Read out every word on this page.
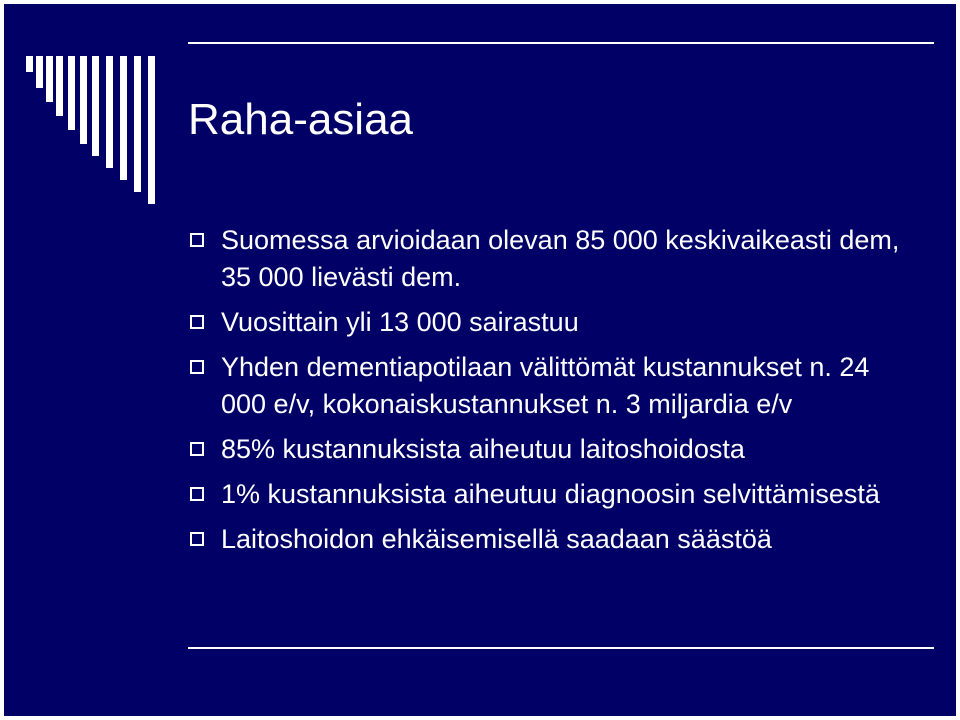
Raha-asiaa
Suomessa arvioidaan olevan 85 000 keskivaikeasti dem, 35 000 lievästi dem.
Vuosittain yli 13 000 sairastuu
Yhden dementiapotilaan välittömät kustannukset n. 24 000 e/v, kokonaiskustannukset n. 3 miljardia e/v
85% kustannuksista aiheutuu laitoshoidosta
1% kustannuksista aiheutuu diagnoosin selvittämisestä
Laitoshoidon ehkäisemisellä saadaan säästöä
